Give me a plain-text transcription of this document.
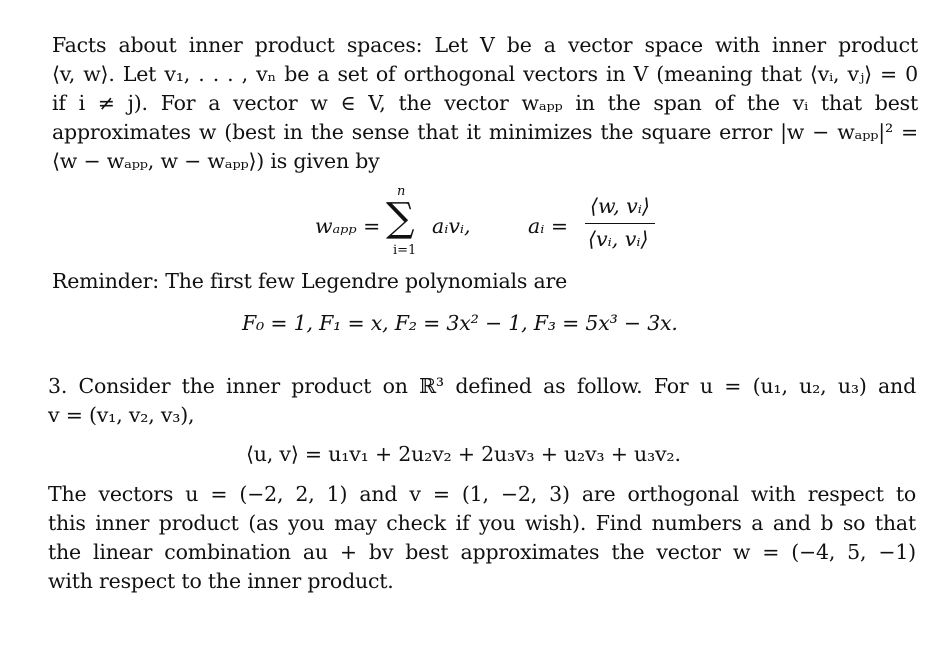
Facts about inner product spaces: Let V be a vector space with inner product
⟨v, w⟩. Let v₁, . . . , vₙ be a set of orthogonal vectors in V (meaning that ⟨vᵢ, vⱼ⟩ = 0
if i ≠ j). For a vector w ∈ V, the vector wₐₚₚ in the span of the vᵢ that best
approximates w (best in the sense that it minimizes the square error |w − wₐₚₚ|² =
⟨w − wₐₚₚ, w − wₐₚₚ⟩) is given by
wₐₚₚ =
n
∑
i=1
aᵢvᵢ,	aᵢ =
⟨w, vᵢ⟩
⟨vᵢ, vᵢ⟩
Reminder: The first few Legendre polynomials are
F₀ = 1, F₁ = x, F₂ = 3x² − 1, F₃ = 5x³ − 3x.
3. Consider the inner product on ℝ³ defined as follow. For u = (u₁, u₂, u₃) and
v = (v₁, v₂, v₃),
⟨u, v⟩ = u₁v₁ + 2u₂v₂ + 2u₃v₃ + u₂v₃ + u₃v₂.
The vectors u = (−2, 2, 1) and v = (1, −2, 3) are orthogonal with respect to
this inner product (as you may check if you wish). Find numbers a and b so that
the linear combination au + bv best approximates the vector w = (−4, 5, −1)
with respect to the inner product.
